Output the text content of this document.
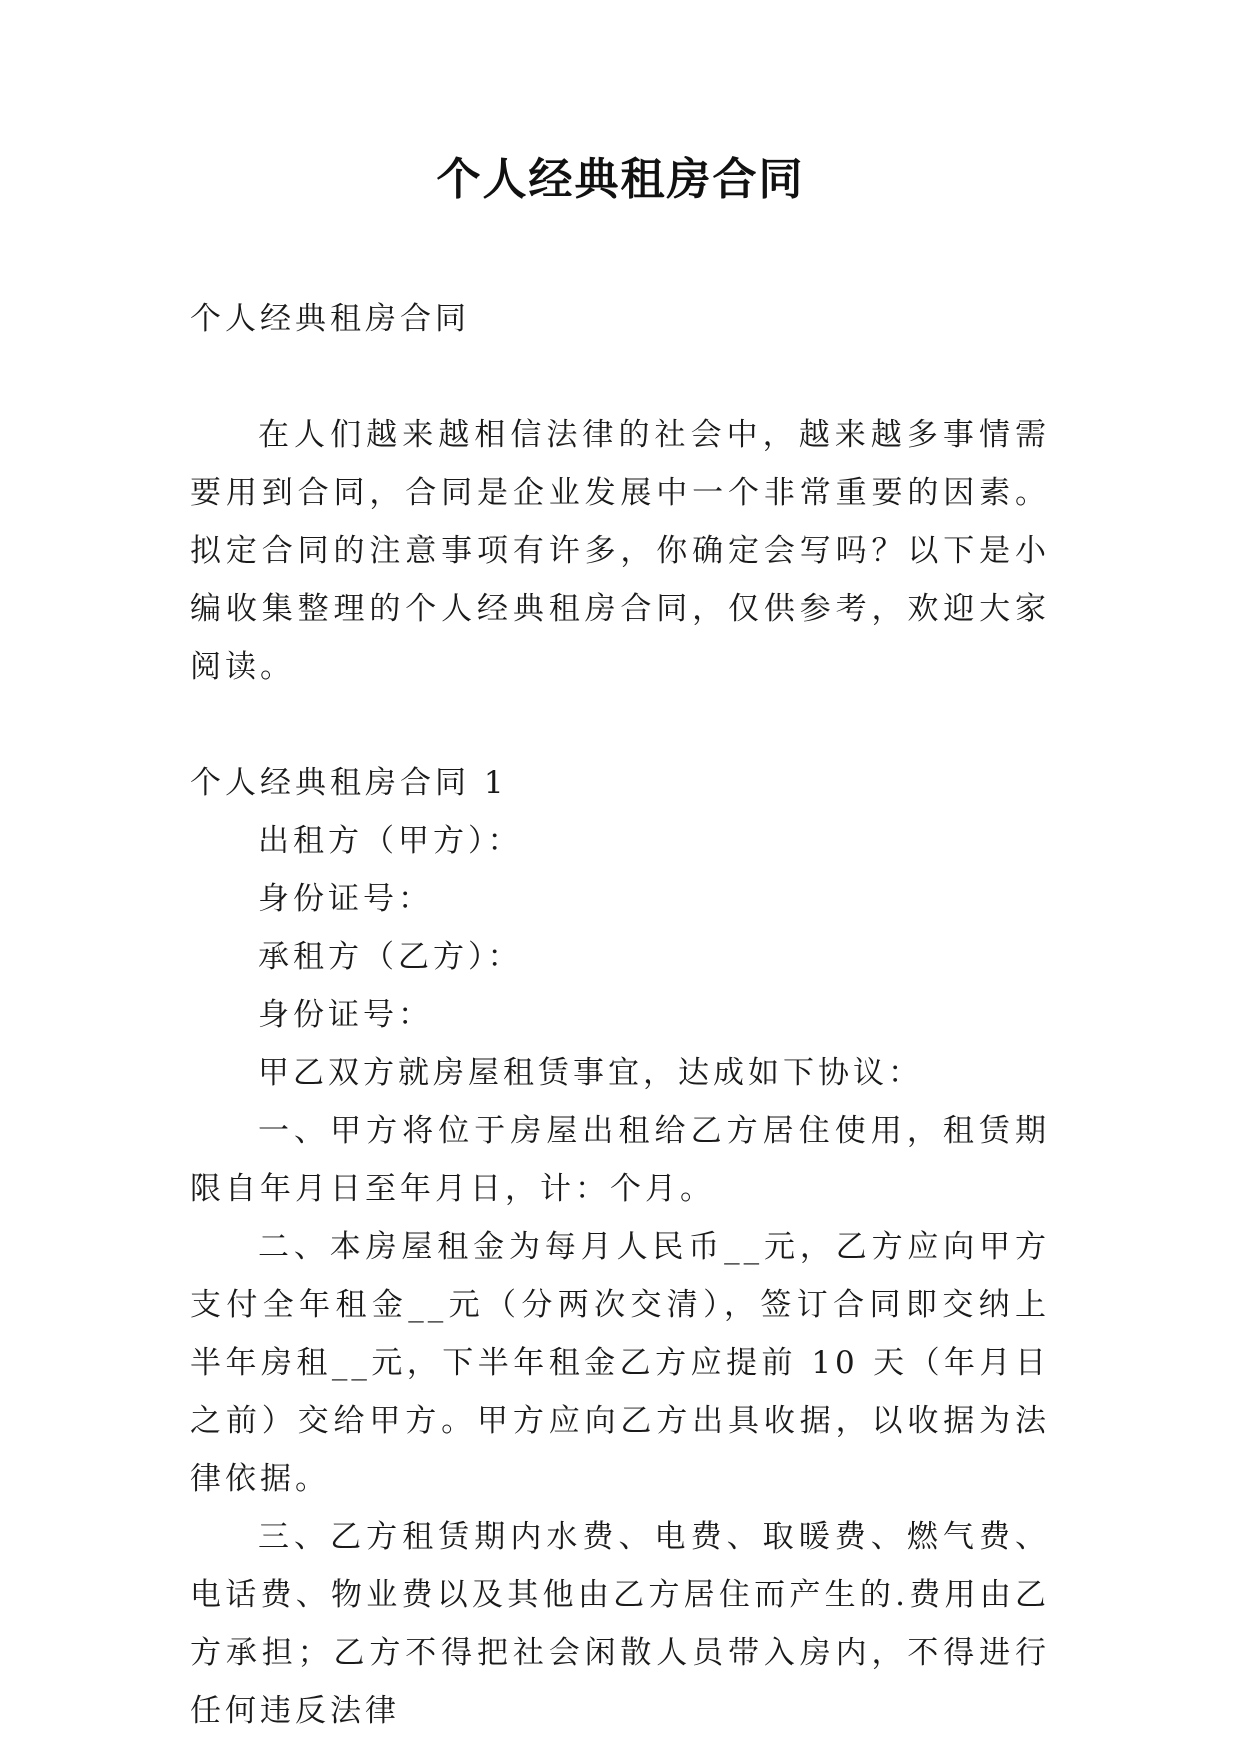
个人经典租房合同

个人经典租房合同

在人们越来越相信法律的社会中，越来越多事情需要用到合同，合同是企业发展中一个非常重要的因素。拟定合同的注意事项有许多，你确定会写吗？以下是小编收集整理的个人经典租房合同，仅供参考，欢迎大家阅读。

个人经典租房合同 1

出租方（甲方）：

身份证号：

承租方（乙方）：

身份证号：

甲乙双方就房屋租赁事宜，达成如下协议：

一、甲方将位于房屋出租给乙方居住使用，租赁期限自年月日至年月日，计：个月。

二、本房屋租金为每月人民币__元，乙方应向甲方支付全年租金__元（分两次交清），签订合同即交纳上半年房租__元，下半年租金乙方应提前 10 天（年月日之前）交给甲方。甲方应向乙方出具收据，以收据为法律依据。

三、乙方租赁期内水费、电费、取暖费、燃气费、电话费、物业费以及其他由乙方居住而产生的.费用由乙方承担；乙方不得把社会闲散人员带入房内，不得进行任何违反法律
